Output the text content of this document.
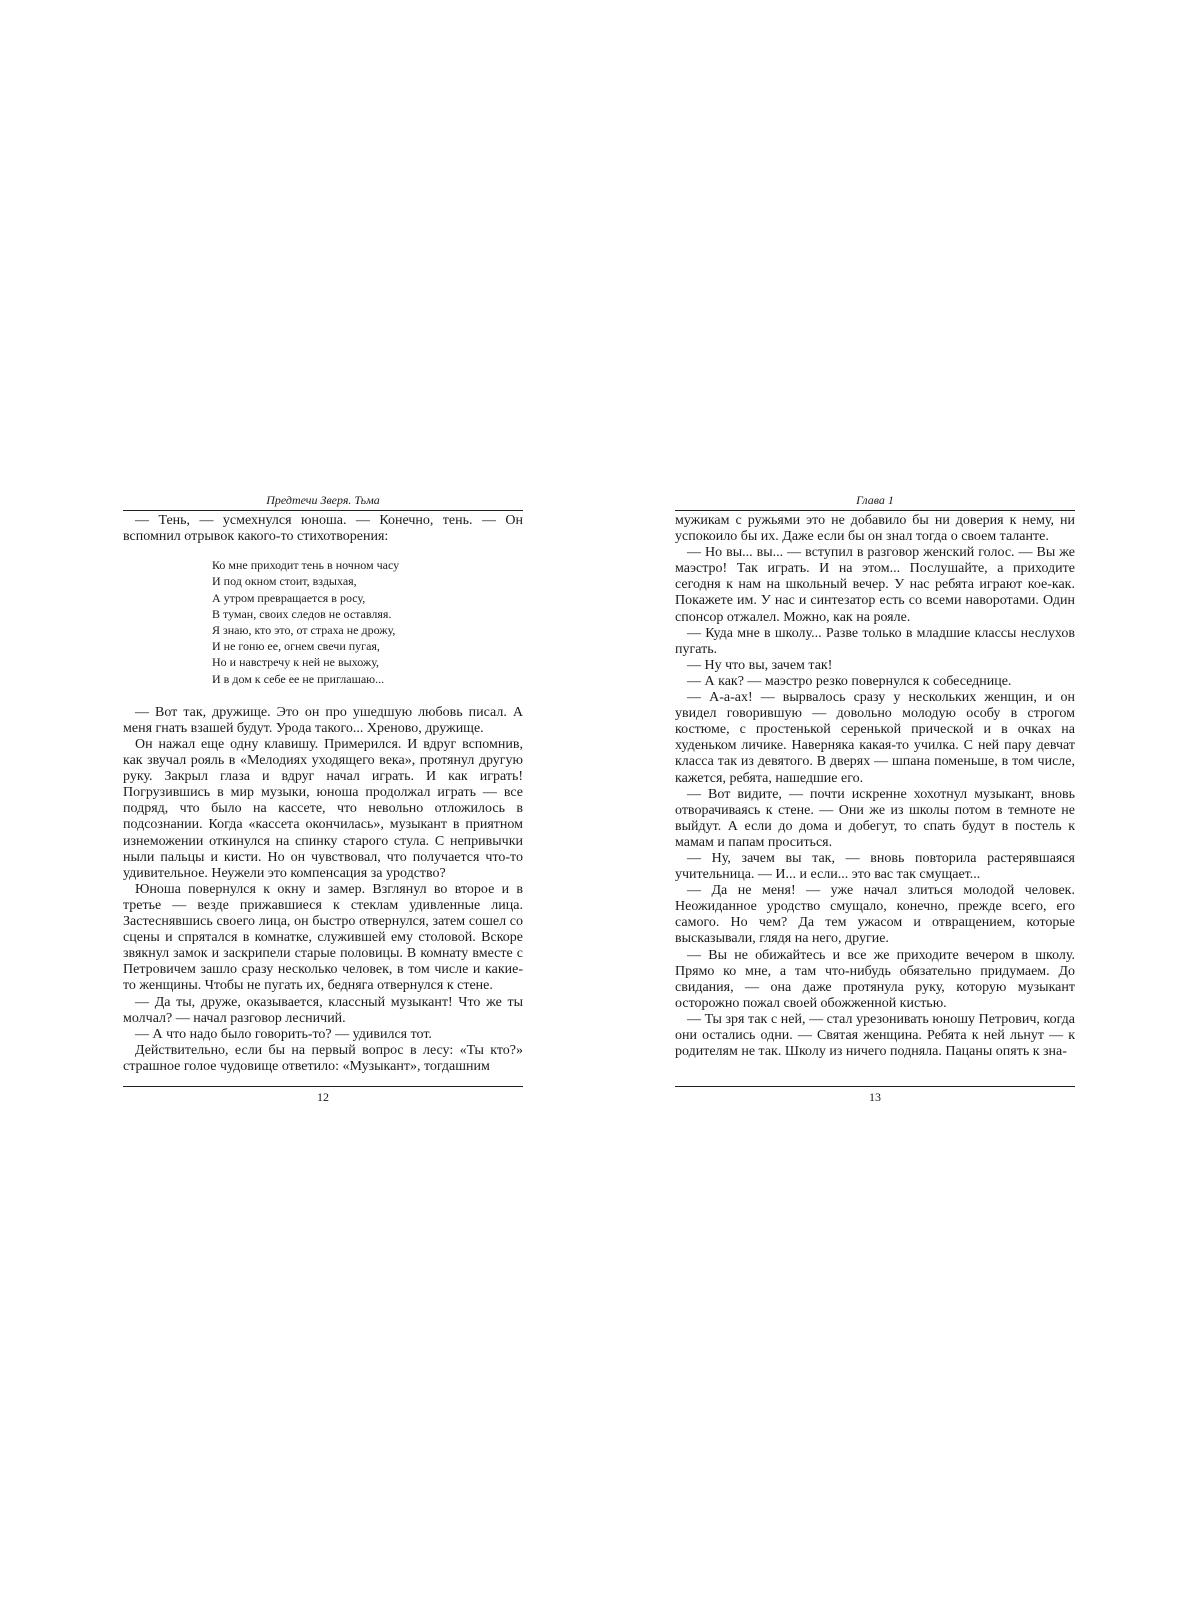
Предтечи Зверя. Тьма

— Тень, — усмехнулся юноша. — Конечно, тень. — Он вспомнил отрывок какого-то стихотворения:

Ко мне приходит тень в ночном часу
И под окном стоит, вздыхая,
А утром превращается в росу,
В туман, своих следов не оставляя.
Я знаю, кто это, от страха не дрожу,
И не гоню ее, огнем свечи пугая,
Но и навстречу к ней не выхожу,
И в дом к себе ее не приглашаю...

— Вот так, дружище. Это он про ушедшую любовь писал. А меня гнать взашей будут. Урода такого... Хреново, дружище.

Он нажал еще одну клавишу. Примерился. И вдруг вспомнив, как звучал рояль в «Мелодиях уходящего века», протянул другую руку. Закрыл глаза и вдруг начал играть. И как играть! Погрузившись в мир музыки, юноша продолжал играть — все подряд, что было на кассете, что невольно отложилось в подсознании. Когда «кассета окончилась», музыкант в приятном изнеможении откинулся на спинку старого стула. С непривычки ныли пальцы и кисти. Но он чувствовал, что получается что-то удивительное. Неужели это компенсация за уродство?

Юноша повернулся к окну и замер. Взглянул во второе и в третье — везде прижавшиеся к стеклам удивленные лица. Застеснявшись своего лица, он быстро отвернулся, затем сошел со сцены и спрятался в комнатке, служившей ему столовой. Вскоре звякнул замок и заскрипели старые половицы. В комнату вместе с Петровичем зашло сразу несколько человек, в том числе и какие-то женщины. Чтобы не пугать их, бедняга отвернулся к стене.

— Да ты, друже, оказывается, классный музыкант! Что же ты молчал? — начал разговор лесничий.

— А что надо было говорить-то? — удивился тот.

Действительно, если бы на первый вопрос в лесу: «Ты кто?» страшное голое чудовище ответило: «Музыкант», тогдашним

12
Глава 1

мужикам с ружьями это не добавило бы ни доверия к нему, ни успокоило бы их. Даже если бы он знал тогда о своем таланте.

— Но вы... вы... — вступил в разговор женский голос. — Вы же маэстро! Так играть. И на этом... Послушайте, а приходите сегодня к нам на школьный вечер. У нас ребята играют кое-как. Покажете им. У нас и синтезатор есть со всеми наворотами. Один спонсор отжалел. Можно, как на рояле.

— Куда мне в школу... Разве только в младшие классы неслухов пугать.

— Ну что вы, зачем так!

— А как? — маэстро резко повернулся к собеседнице.

— А-а-ах! — вырвалось сразу у нескольких женщин, и он увидел говорившую — довольно молодую особу в строгом костюме, с простенькой серенькой прической и в очках на худеньком личике. Наверняка какая-то училка. С ней пару девчат класса так из девятого. В дверях — шпана поменьше, в том числе, кажется, ребята, нашедшие его.

— Вот видите, — почти искренне хохотнул музыкант, вновь отворачиваясь к стене. — Они же из школы потом в темноте не выйдут. А если до дома и добегут, то спать будут в постель к мамам и папам проситься.

— Ну, зачем вы так, — вновь повторила растерявшаяся учительница. — И... и если... это вас так смущает...

— Да не меня! — уже начал злиться молодой человек. Неожиданное уродство смущало, конечно, прежде всего, его самого. Но чем? Да тем ужасом и отвращением, которые высказывали, глядя на него, другие.

— Вы не обижайтесь и все же приходите вечером в школу. Прямо ко мне, а там что-нибудь обязательно придумаем. До свидания, — она даже протянула руку, которую музыкант осторожно пожал своей обожженной кистью.

— Ты зря так с ней, — стал урезонивать юношу Петрович, когда они остались одни. — Святая женщина. Ребята к ней льнут — к родителям не так. Школу из ничего подняла. Пацаны опять к зна-

13
